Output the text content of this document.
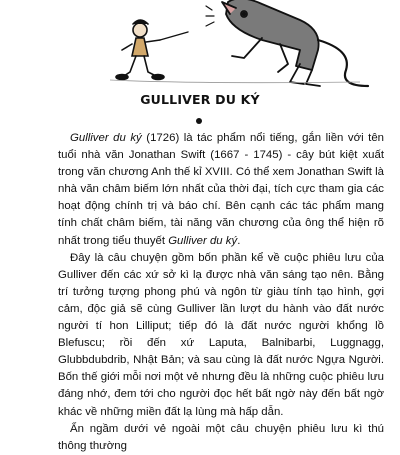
GULLIVER DU KÝ

Gulliver du ký (1726) là tác phẩm nổi tiếng, gắn liền với tên tuổi nhà văn Jonathan Swift (1667 - 1745) - cây bút kiệt xuất trong văn chương Anh thế kỉ XVIII. Có thể xem Jonathan Swift là nhà văn châm biếm lớn nhất của thời đại, tích cực tham gia các hoạt động chính trị và báo chí. Bên cạnh các tác phẩm mang tính chất châm biếm, tài năng văn chương của ông thể hiện rõ nhất trong tiểu thuyết Gulliver du ký.

Đây là câu chuyện gồm bốn phần kể về cuộc phiêu lưu của Gulliver đến các xứ sở kì lạ được nhà văn sáng tạo nên. Bằng trí tưởng tượng phong phú và ngôn từ giàu tính tạo hình, gợi cảm, độc giả sẽ cùng Gulliver lần lượt du hành vào đất nước người tí hon Lilliput; tiếp đó là đất nước người khổng lồ Blefuscu; rồi đến xứ Laputa, Balnibarbi, Luggnagg, Glubbdubdrib, Nhật Bản; và sau cùng là đất nước Ngựa Người. Bốn thế giới mỗi nơi một vẻ nhưng đều là những cuộc phiêu lưu đáng nhớ, đem tới cho người đọc hết bất ngờ này đến bất ngờ khác về những miền đất lạ lùng mà hấp dẫn.

Ẩn ngầm dưới vẻ ngoài một câu chuyện phiêu lưu kì thú thông thường
